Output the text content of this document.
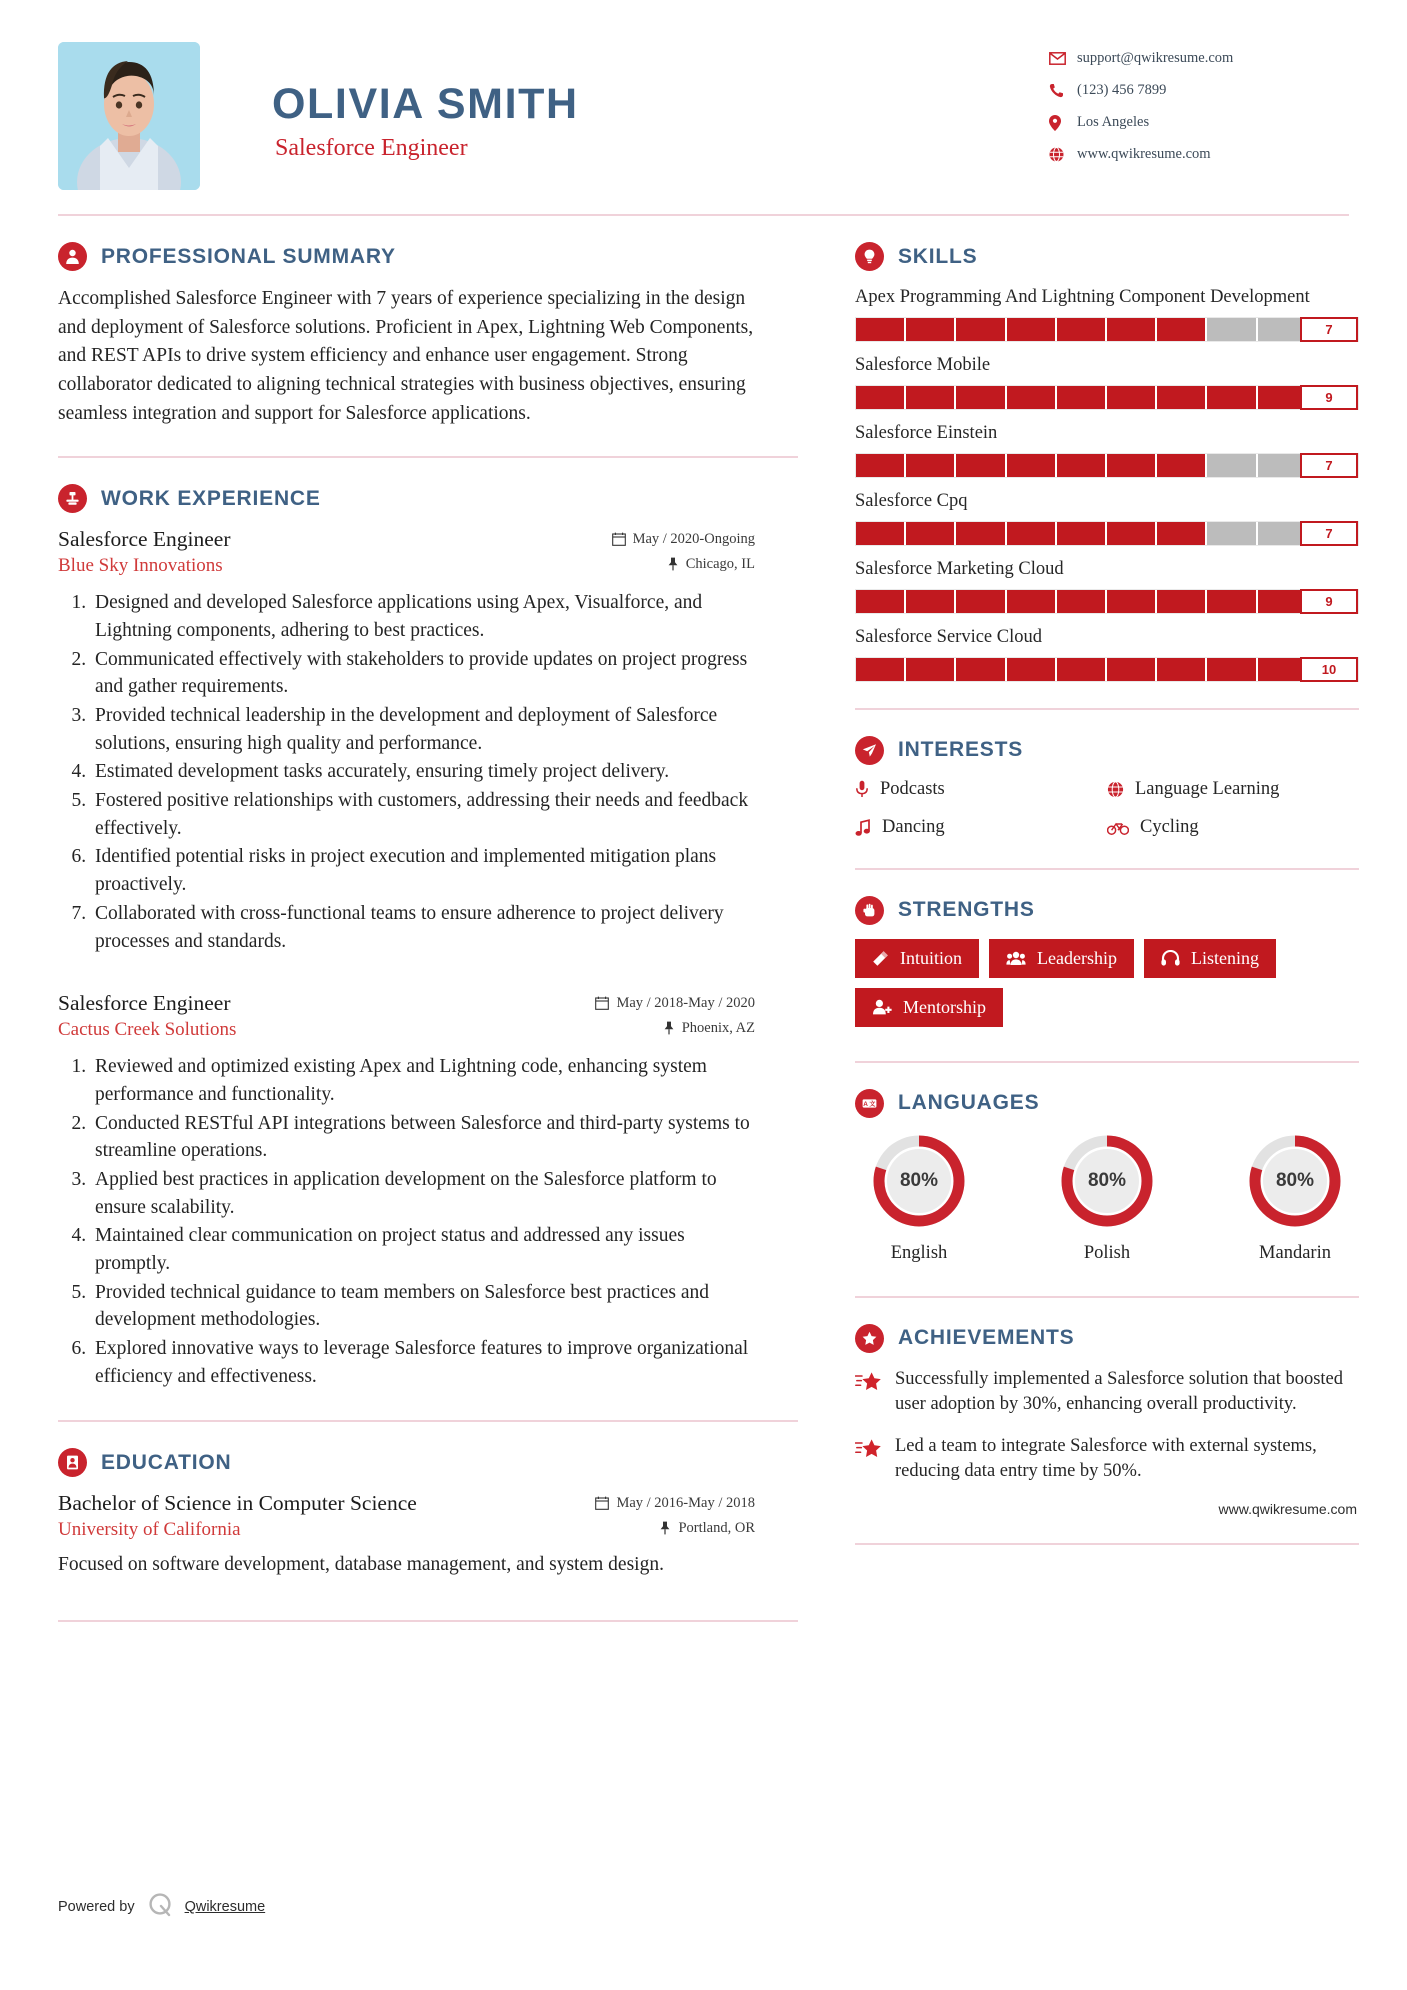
OLIVIA SMITH
Salesforce Engineer
support@qwikresume.com
(123) 456 7899
Los Angeles
www.qwikresume.com
PROFESSIONAL SUMMARY
Accomplished Salesforce Engineer with 7 years of experience specializing in the design and deployment of Salesforce solutions. Proficient in Apex, Lightning Web Components, and REST APIs to drive system efficiency and enhance user engagement. Strong collaborator dedicated to aligning technical strategies with business objectives, ensuring seamless integration and support for Salesforce applications.
WORK EXPERIENCE
Salesforce Engineer	May / 2020-Ongoing
Blue Sky Innovations	Chicago, IL
1. Designed and developed Salesforce applications using Apex, Visualforce, and Lightning components, adhering to best practices.
2. Communicated effectively with stakeholders to provide updates on project progress and gather requirements.
3. Provided technical leadership in the development and deployment of Salesforce solutions, ensuring high quality and performance.
4. Estimated development tasks accurately, ensuring timely project delivery.
5. Fostered positive relationships with customers, addressing their needs and feedback effectively.
6. Identified potential risks in project execution and implemented mitigation plans proactively.
7. Collaborated with cross-functional teams to ensure adherence to project delivery processes and standards.
Salesforce Engineer	May / 2018-May / 2020
Cactus Creek Solutions	Phoenix, AZ
1. Reviewed and optimized existing Apex and Lightning code, enhancing system performance and functionality.
2. Conducted RESTful API integrations between Salesforce and third-party systems to streamline operations.
3. Applied best practices in application development on the Salesforce platform to ensure scalability.
4. Maintained clear communication on project status and addressed any issues promptly.
5. Provided technical guidance to team members on Salesforce best practices and development methodologies.
6. Explored innovative ways to leverage Salesforce features to improve organizational efficiency and effectiveness.
EDUCATION
Bachelor of Science in Computer Science	May / 2016-May / 2018
University of California	Portland, OR
Focused on software development, database management, and system design.
SKILLS
Apex Programming And Lightning Component Development
7
Salesforce Mobile
9
Salesforce Einstein
7
Salesforce Cpq
7
Salesforce Marketing Cloud
9
Salesforce Service Cloud
10
INTERESTS
Podcasts	Language Learning
Dancing	Cycling
STRENGTHS
Intuition	Leadership	Listening
Mentorship
A 文 LANGUAGES
80%
English
80%
Polish
80%
Mandarin
ACHIEVEMENTS
Successfully implemented a Salesforce solution that boosted user adoption by 30%, enhancing overall productivity.
Led a team to integrate Salesforce with external systems, reducing data entry time by 50%.
www.qwikresume.com
Powered by	Qwikresume
